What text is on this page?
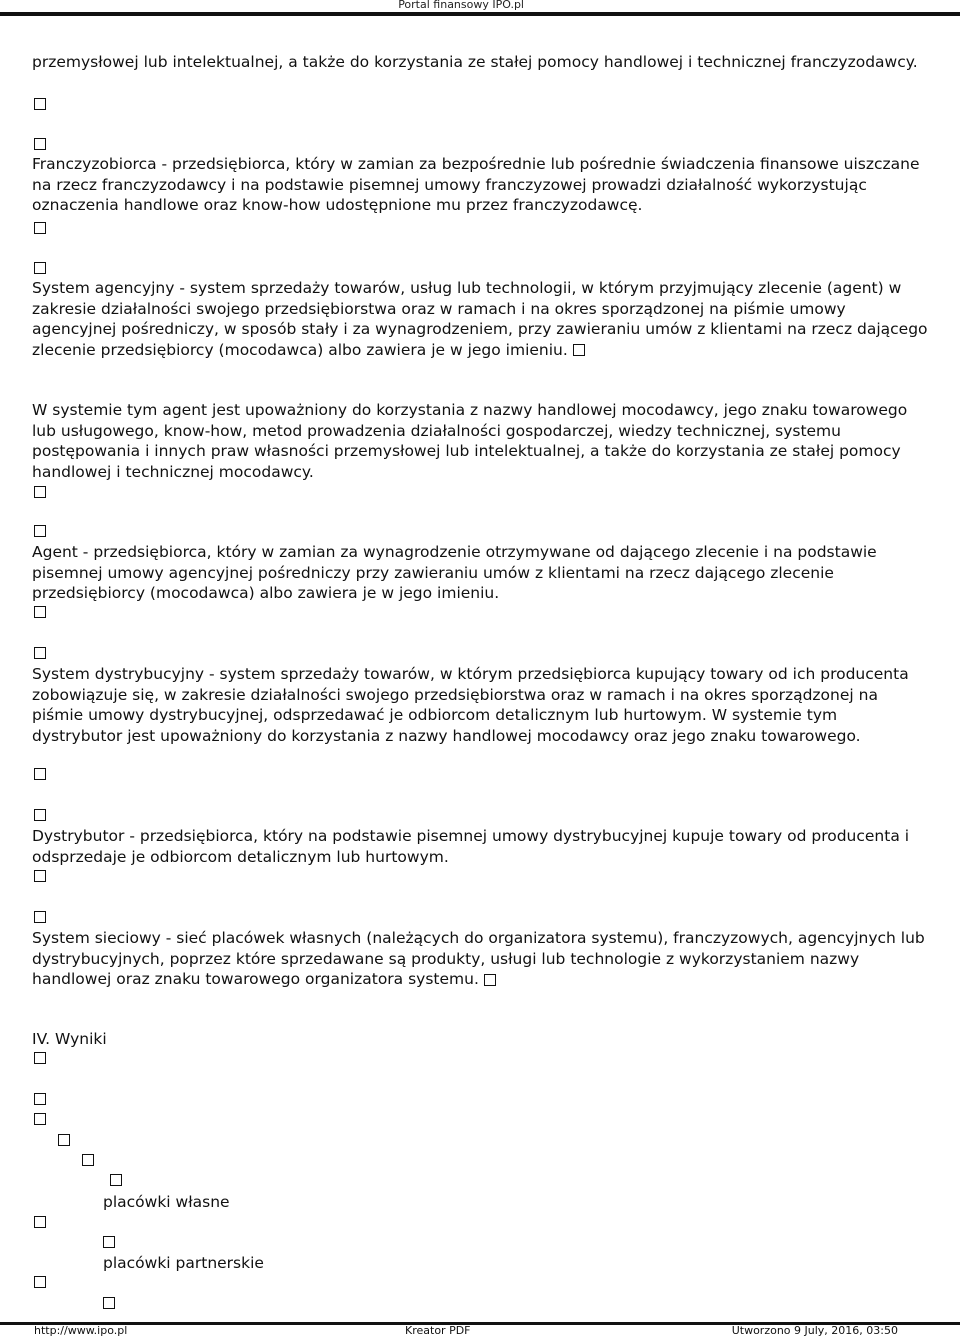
Portal finansowy IPO.pl
przemysłowej lub intelektualnej, a także do korzystania ze stałej pomocy handlowej i technicznej franczyzodawcy.
Franczyzobiorca - przedsiębiorca, który w zamian za bezpośrednie lub pośrednie świadczenia finansowe uiszczane na rzecz franczyzodawcy i na podstawie pisemnej umowy franczyzowej prowadzi działalność wykorzystując oznaczenia handlowe oraz know-how udostępnione mu przez franczyzodawcę.
System agencyjny - system sprzedaży towarów, usług lub technologii, w którym przyjmujący zlecenie (agent) w zakresie działalności swojego przedsiębiorstwa oraz w ramach i na okres sporządzonej na piśmie umowy agencyjnej pośredniczy, w sposób stały i za wynagrodzeniem, przy zawieraniu umów z klientami na rzecz dającego zlecenie przedsiębiorcy (mocodawca) albo zawiera je w jego imieniu.
W systemie tym agent jest upoważniony do korzystania z nazwy handlowej mocodawcy, jego znaku towarowego lub usługowego, know-how, metod prowadzenia działalności gospodarczej, wiedzy technicznej, systemu postępowania i innych praw własności przemysłowej lub intelektualnej, a także do korzystania ze stałej pomocy handlowej i technicznej mocodawcy.
Agent - przedsiębiorca, który w zamian za wynagrodzenie otrzymywane od dającego zlecenie i na podstawie pisemnej umowy agencyjnej pośredniczy przy zawieraniu umów z klientami na rzecz dającego zlecenie przedsiębiorcy (mocodawca) albo zawiera je w jego imieniu.
System dystrybucyjny - system sprzedaży towarów, w którym przedsiębiorca kupujący towary od ich producenta zobowiązuje się, w zakresie działalności swojego przedsiębiorstwa oraz w ramach i na okres sporządzonej na piśmie umowy dystrybucyjnej, odsprzedawać je odbiorcom detalicznym lub hurtowym. W systemie tym dystrybutor jest upoważniony do korzystania z nazwy handlowej mocodawcy oraz jego znaku towarowego.
Dystrybutor - przedsiębiorca, który na podstawie pisemnej umowy dystrybucyjnej kupuje towary od producenta i odsprzedaje je odbiorcom detalicznym lub hurtowym.
System sieciowy - sieć placówek własnych (należących do organizatora systemu), franczyzowych, agencyjnych lub dystrybucyjnych, poprzez które sprzedawane są produkty, usługi lub technologie z wykorzystaniem nazwy handlowej oraz znaku towarowego organizatora systemu.
IV. Wyniki
placówki własne
placówki partnerskie
http://www.ipo.pl	Kreator PDF	Utworzono 9 July, 2016, 03:50
